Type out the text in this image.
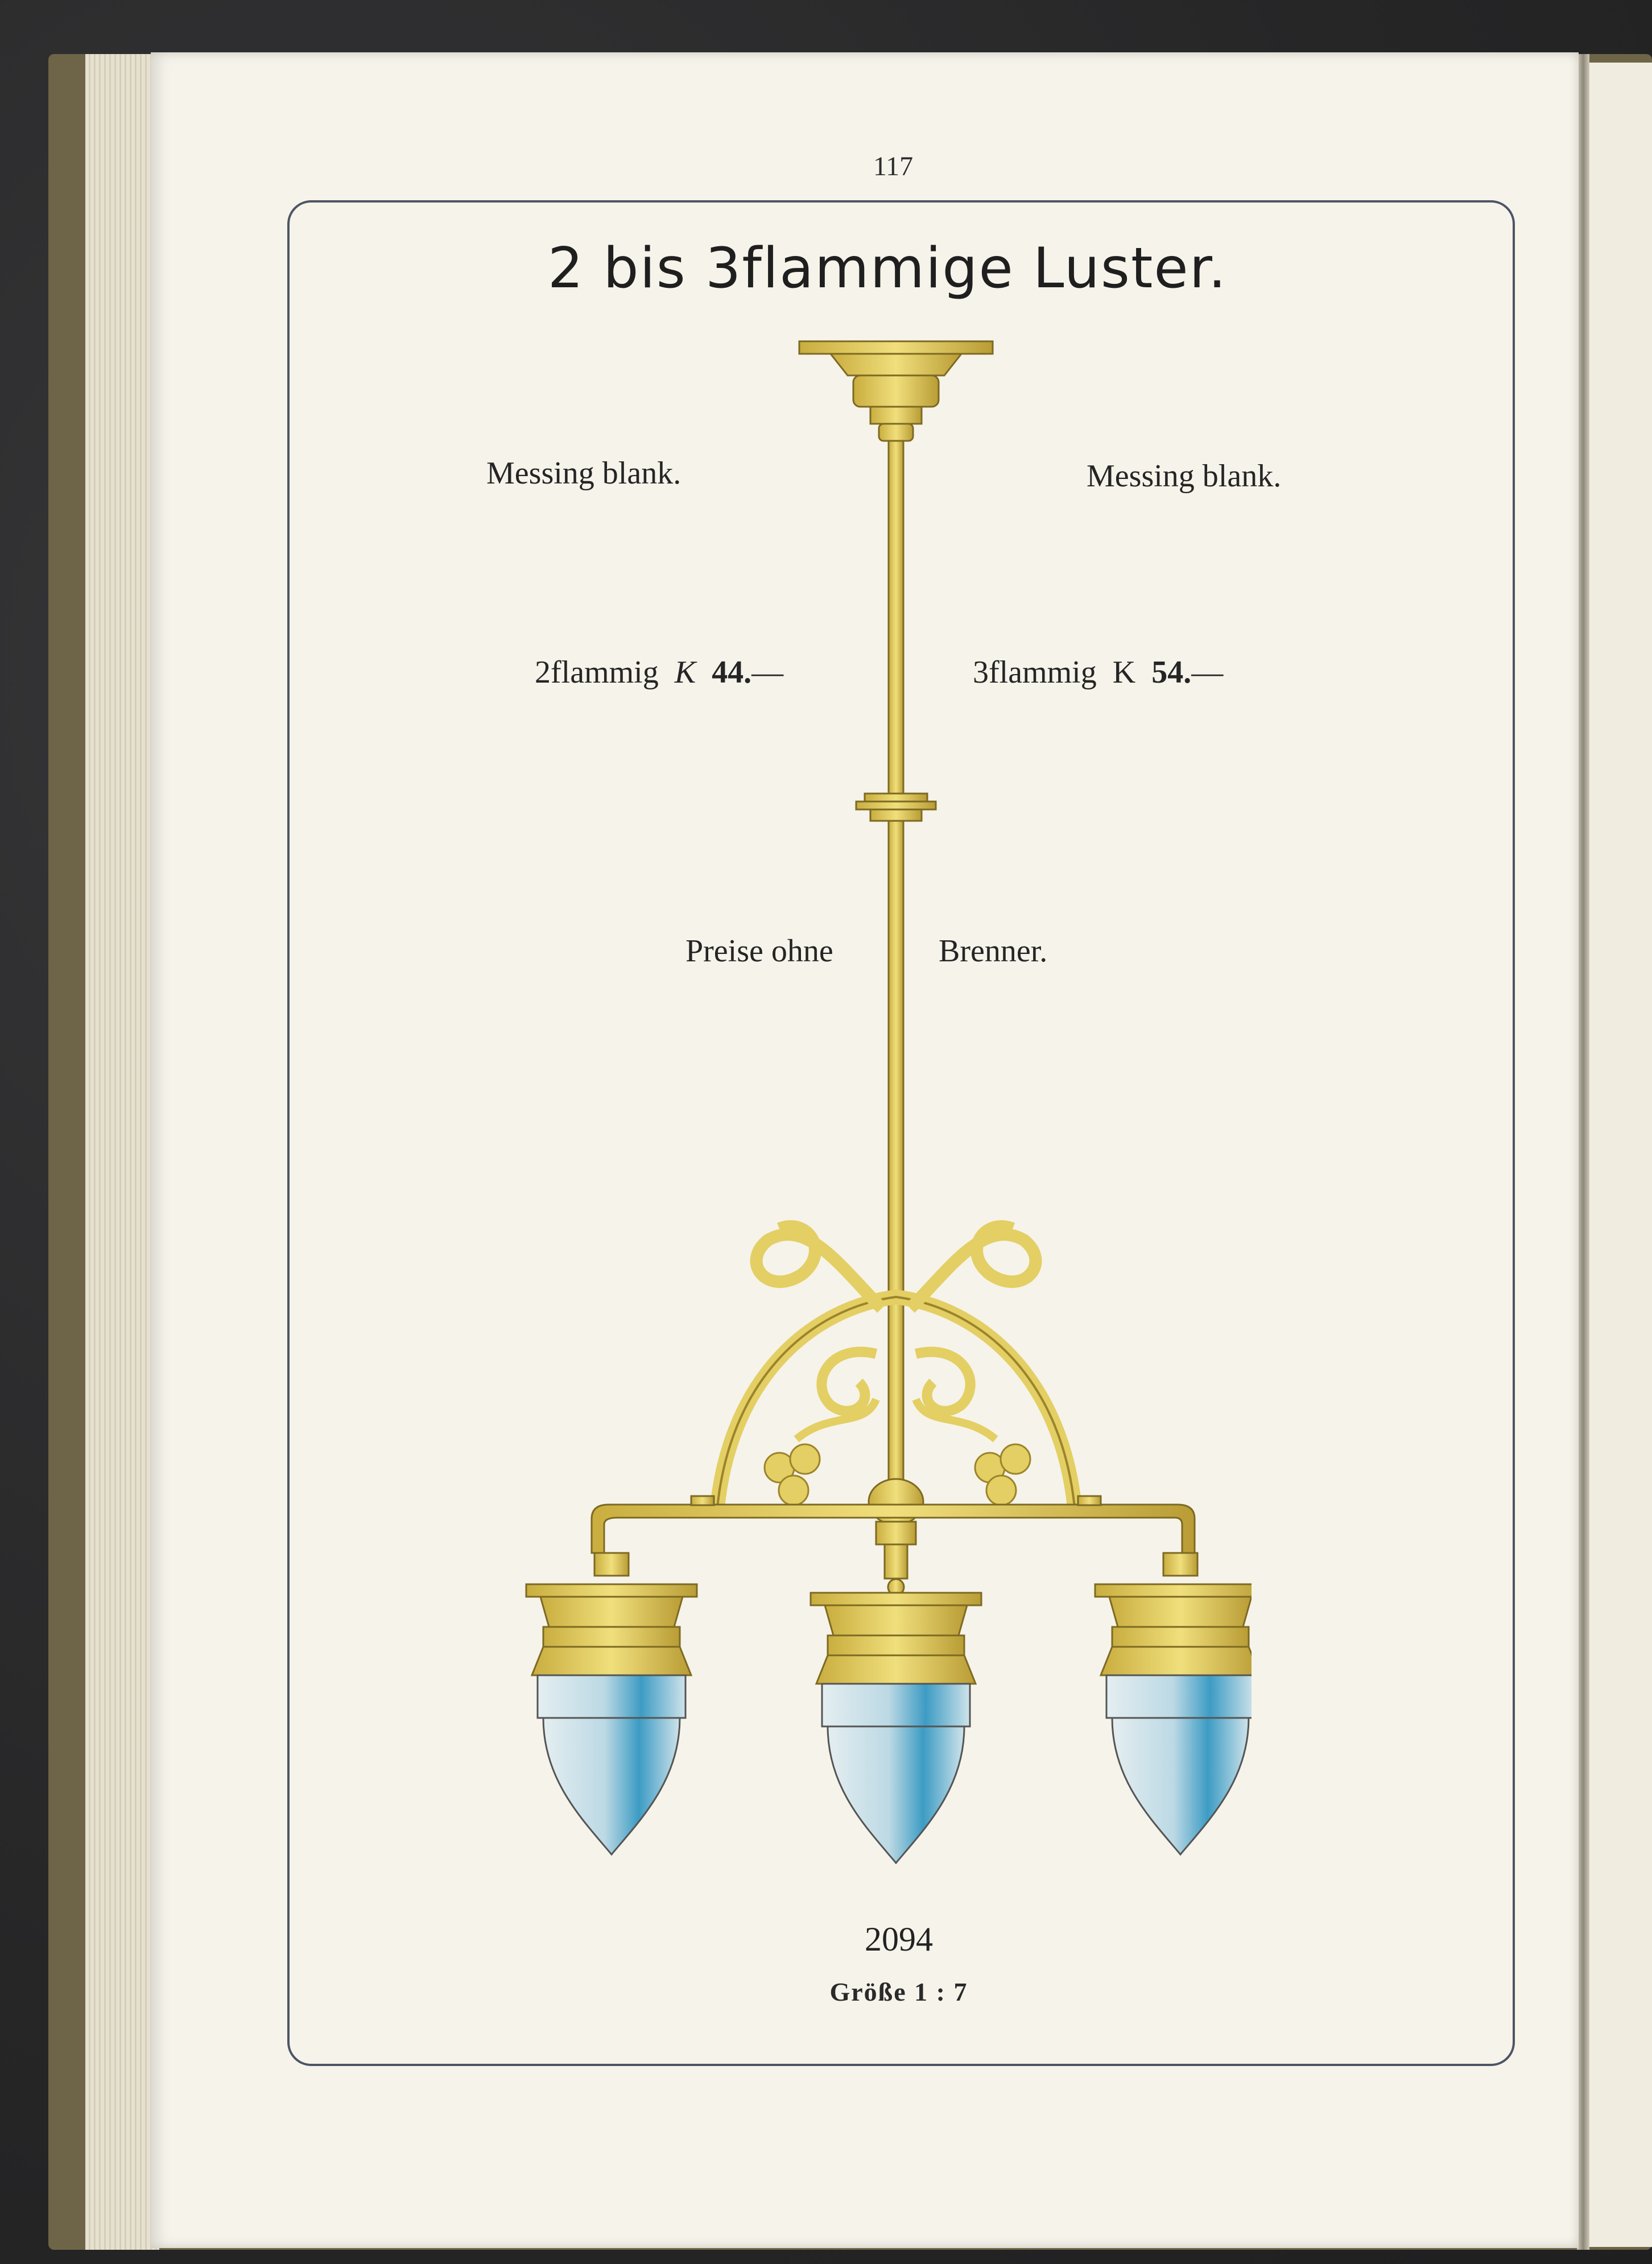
117
2 bis 3flammige Luster.
Messing blank.	Messing blank.
2flammig K 44.—	3flammig K 54.—
Preise ohne	Brenner.
2094
Größe 1 : 7
